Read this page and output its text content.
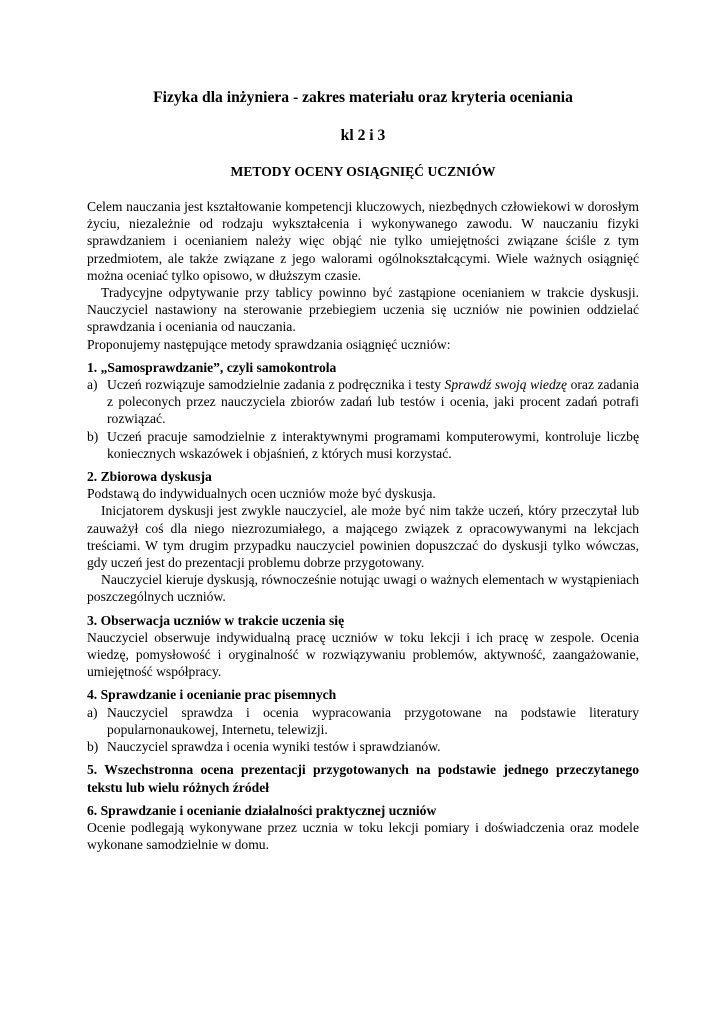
Fizyka dla inżyniera - zakres materiału oraz kryteria oceniania
kl 2 i 3
METODY OCENY OSIĄGNIĘĆ UCZNIÓW

Celem nauczania jest kształtowanie kompetencji kluczowych, niezbędnych człowiekowi w dorosłym życiu, niezależnie od rodzaju wykształcenia i wykonywanego zawodu. W nauczaniu fizyki sprawdzaniem i ocenianiem należy więc objąć nie tylko umiejętności związane ściśle z tym przedmiotem, ale także związane z jego walorami ogólnokształcącymi. Wiele ważnych osiągnięć można oceniać tylko opisowo, w dłuższym czasie.

Tradycyjne odpytywanie przy tablicy powinno być zastąpione ocenianiem w trakcie dyskusji. Nauczyciel nastawiony na sterowanie przebiegiem uczenia się uczniów nie powinien oddzielać sprawdzania i oceniania od nauczania.

Proponujemy następujące metody sprawdzania osiągnięć uczniów:

1. „Samosprawdzanie”, czyli samokontrola
a) Uczeń rozwiązuje samodzielnie zadania z podręcznika i testy Sprawdź swoją wiedzę oraz zadania z poleconych przez nauczyciela zbiorów zadań lub testów i ocenia, jaki procent zadań potrafi rozwiązać.
b) Uczeń pracuje samodzielnie z interaktywnymi programami komputerowymi, kontroluje liczbę koniecznych wskazówek i objaśnień, z których musi korzystać.
2. Zbiorowa dyskusja

Podstawą do indywidualnych ocen uczniów może być dyskusja.

Inicjatorem dyskusji jest zwykle nauczyciel, ale może być nim także uczeń, który przeczytał lub zauważył coś dla niego niezrozumiałego, a mającego związek z opracowywanymi na lekcjach treściami. W tym drugim przypadku nauczyciel powinien dopuszczać do dyskusji tylko wówczas, gdy uczeń jest do prezentacji problemu dobrze przygotowany.

Nauczyciel kieruje dyskusją, równocześnie notując uwagi o ważnych elementach w wystąpieniach poszczególnych uczniów.

3. Obserwacja uczniów w trakcie uczenia się

Nauczyciel obserwuje indywidualną pracę uczniów w toku lekcji i ich pracę w zespole. Ocenia wiedzę, pomysłowość i oryginalność w rozwiązywaniu problemów, aktywność, zaangażowanie, umiejętność współpracy.

4. Sprawdzanie i ocenianie prac pisemnych
a) Nauczyciel sprawdza i ocenia wypracowania przygotowane na podstawie literatury popularnonaukowej, Internetu, telewizji.
b) Nauczyciel sprawdza i ocenia wyniki testów i sprawdzianów.
5. Wszechstronna ocena prezentacji przygotowanych na podstawie jednego przeczytanego tekstu lub wielu różnych źródeł
6. Sprawdzanie i ocenianie działalności praktycznej uczniów

Ocenie podlegają wykonywane przez ucznia w toku lekcji pomiary i doświadczenia oraz modele wykonane samodzielnie w domu.
